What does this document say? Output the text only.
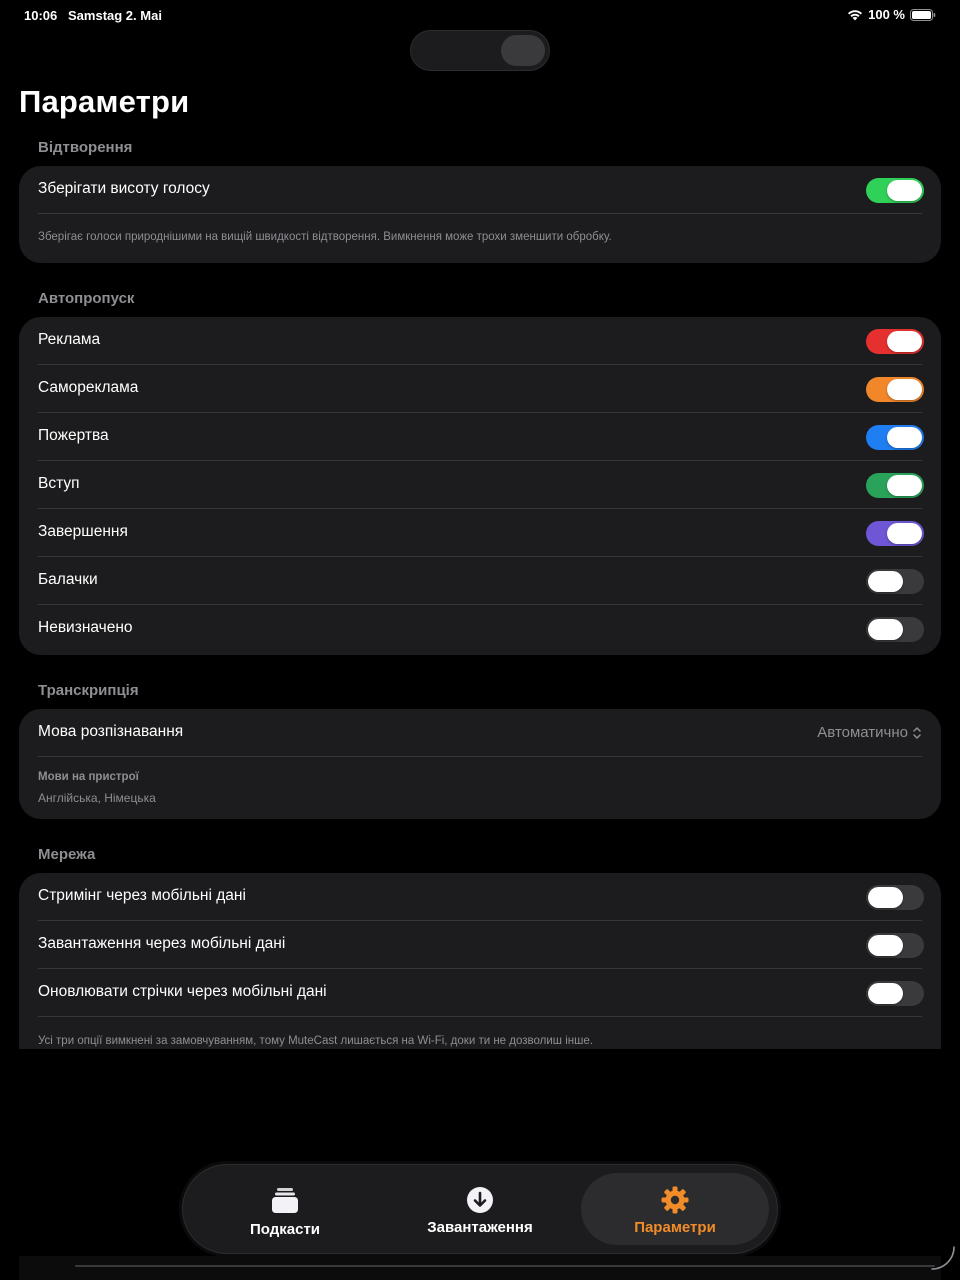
10:06 Samstag 2. Mai	100 %
Параметри
Відтворення
Зберігати висоту голосу
Зберігає голоси природнішими на вищій швидкості відтворення. Вимкнення може трохи зменшити обробку.
Автопропуск
Реклама
Самореклама
Пожертва
Вступ
Завершення
Балачки
Невизначено
Транскрипція
Мова розпізнавання	Автоматично
Мови на пристрої
Англійська, Німецька
Мережа
Стримінг через мобільні дані
Завантаження через мобільні дані
Оновлювати стрічки через мобільні дані
Усі три опції вимкнені за замовчуванням, тому MuteCast лишається на Wi-Fi, доки ти не дозволиш інше.
Подкасти	Завантаження	Параметри
